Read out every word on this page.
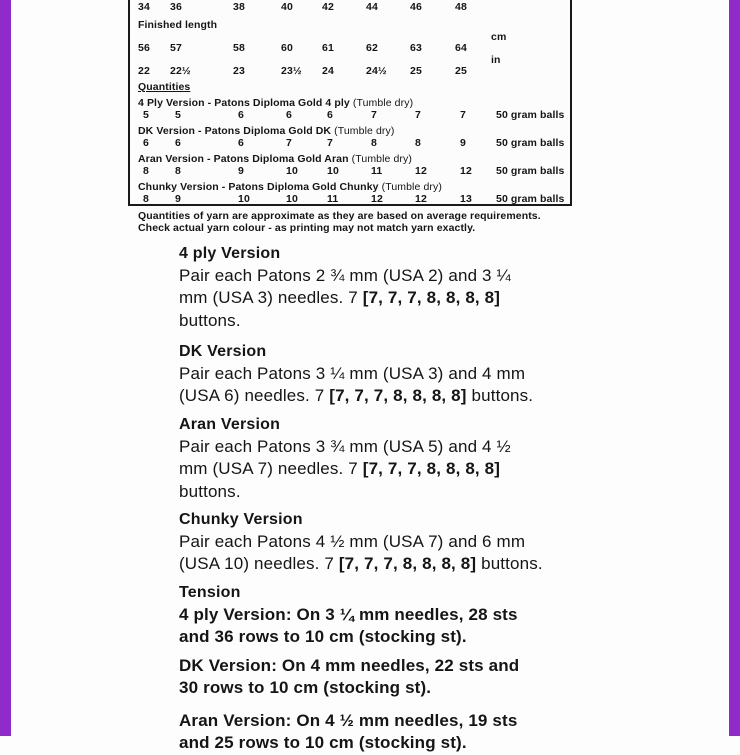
34	36	38	40	42	44	46	48
Finished length
cm
56	57	58	60	61	62	63	64
in
22	22½	23	23½	24	24½	25	25
Quantities
4 Ply Version - Patons Diploma Gold 4 ply (Tumble dry)
5	5	6	6	6	7	7	7	50 gram balls
DK Version - Patons Diploma Gold DK (Tumble dry)
6	6	6	7	7	8	8	9	50 gram balls
Aran Version - Patons Diploma Gold Aran (Tumble dry)
8	8	9	10	10	11	12	12	50 gram balls
Chunky Version - Patons Diploma Gold Chunky (Tumble dry)
8	9	10	10	11	12	12	13	50 gram balls
Quantities of yarn are approximate as they are based on average requirements.
Check actual yarn colour - as printing may not match yarn exactly.
4 ply Version
Pair each Patons 2 ¾ mm (USA 2) and 3 ¼
mm (USA 3) needles. 7 [7, 7, 7, 8, 8, 8, 8]
buttons.
DK Version
Pair each Patons 3 ¼ mm (USA 3) and 4 mm
(USA 6) needles. 7 [7, 7, 7, 8, 8, 8, 8] buttons.
Aran Version
Pair each Patons 3 ¾ mm (USA 5) and 4 ½
mm (USA 7) needles. 7 [7, 7, 7, 8, 8, 8, 8]
buttons.
Chunky Version
Pair each Patons 4 ½ mm (USA 7) and 6 mm
(USA 10) needles. 7 [7, 7, 7, 8, 8, 8, 8] buttons.
Tension
4 ply Version: On 3 ¼ mm needles, 28 sts
and 36 rows to 10 cm (stocking st).
DK Version: On 4 mm needles, 22 sts and
30 rows to 10 cm (stocking st).
Aran Version: On 4 ½ mm needles, 19 sts
and 25 rows to 10 cm (stocking st).
